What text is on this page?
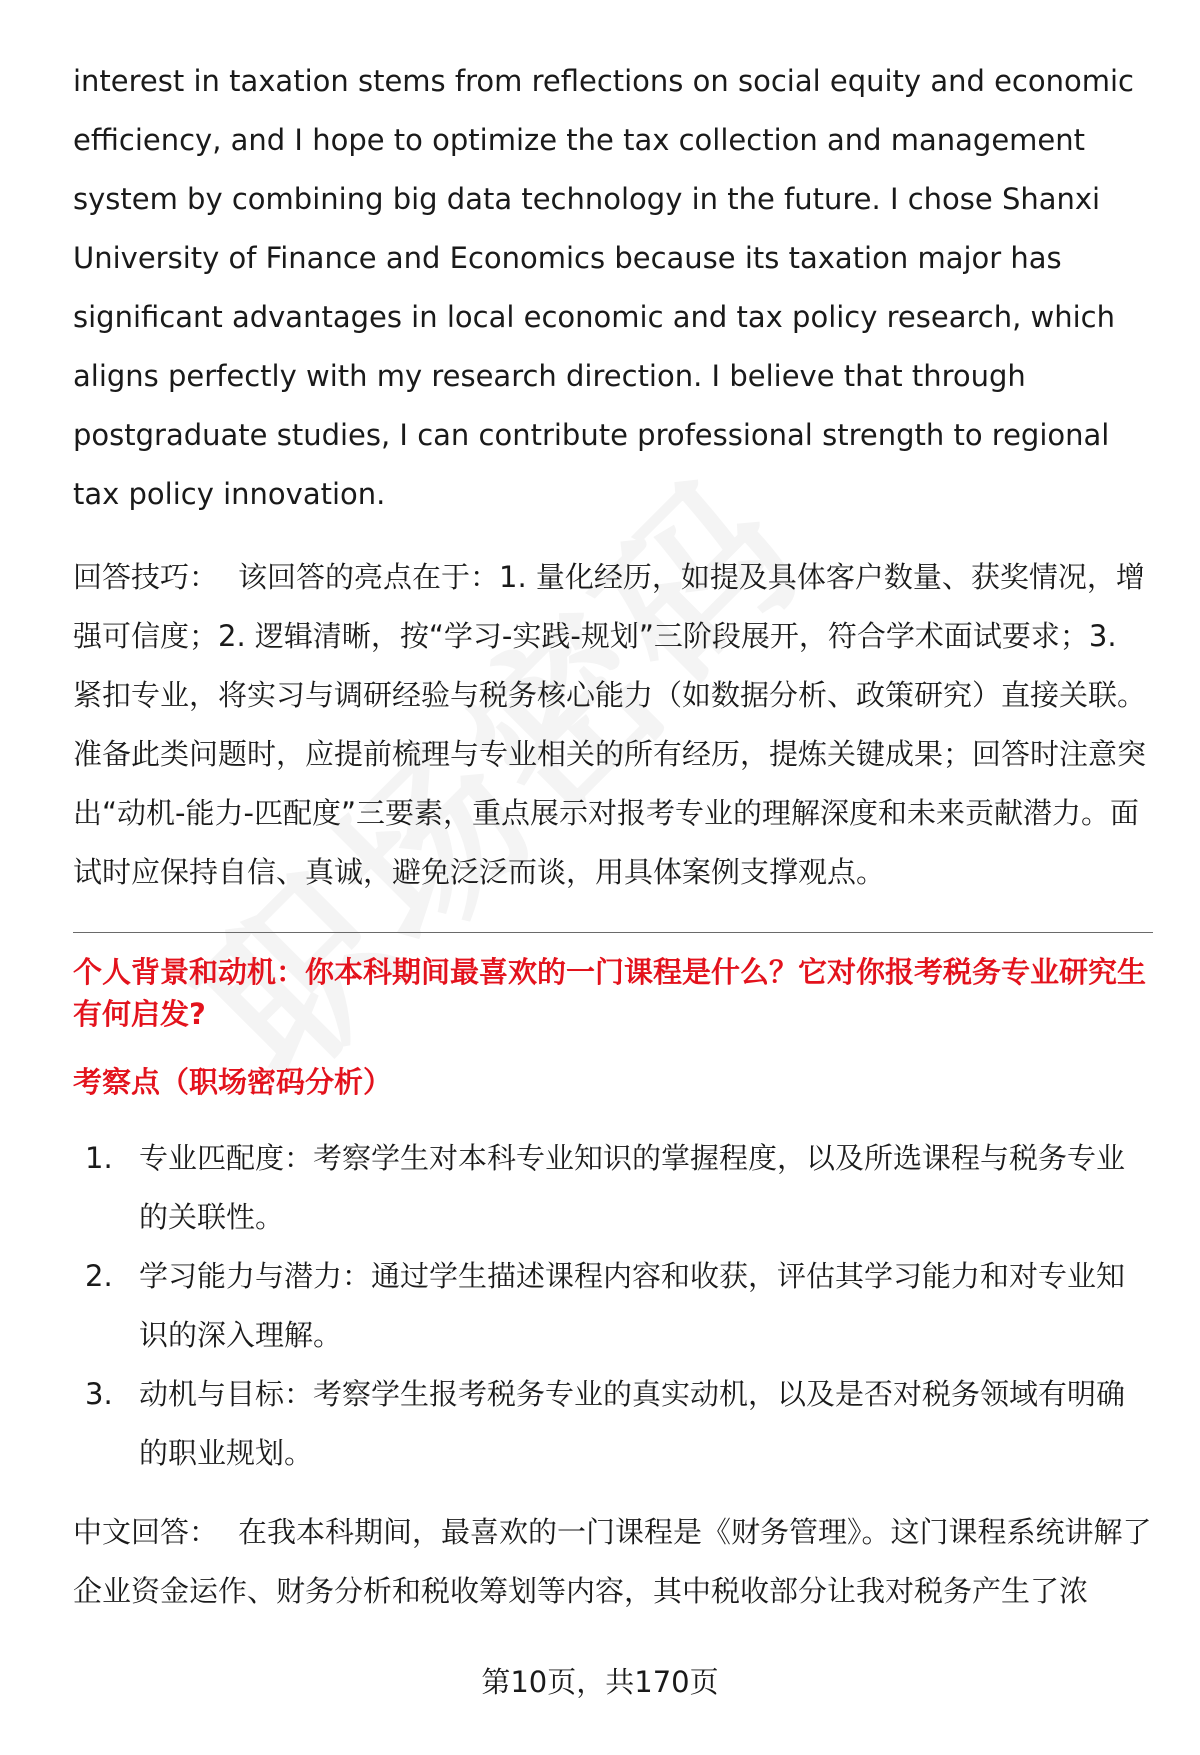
interest in taxation stems from reflections on social equity and economic efficiency, and I hope to optimize the tax collection and management system by combining big data technology in the future. I chose Shanxi University of Finance and Economics because its taxation major has significant advantages in local economic and tax policy research, which aligns perfectly with my research direction. I believe that through postgraduate studies, I can contribute professional strength to regional tax policy innovation.

回答技巧： 该回答的亮点在于：1. 量化经历，如提及具体客户数量、获奖情况，增强可信度；2. 逻辑清晰，按“学习-实践-规划”三阶段展开，符合学术面试要求；3. 紧扣专业，将实习与调研经验与税务核心能力（如数据分析、政策研究）直接关联。准备此类问题时，应提前梳理与专业相关的所有经历，提炼关键成果；回答时注意突出“动机-能力-匹配度”三要素，重点展示对报考专业的理解深度和未来贡献潜力。面试时应保持自信、真诚，避免泛泛而谈，用具体案例支撑观点。

个人背景和动机：你本科期间最喜欢的一门课程是什么？它对你报考税务专业研究生有何启发?
考察点（职场密码分析）
1. 专业匹配度：考察学生对本科专业知识的掌握程度，以及所选课程与税务专业的关联性。
2. 学习能力与潜力：通过学生描述课程内容和收获，评估其学习能力和对专业知识的深入理解。
3. 动机与目标：考察学生报考税务专业的真实动机，以及是否对税务领域有明确的职业规划。

中文回答： 在我本科期间，最喜欢的一门课程是《财务管理》。这门课程系统讲解了企业资金运作、财务分析和税收筹划等内容，其中税收部分让我对税务产生了浓

第10页，共170页
